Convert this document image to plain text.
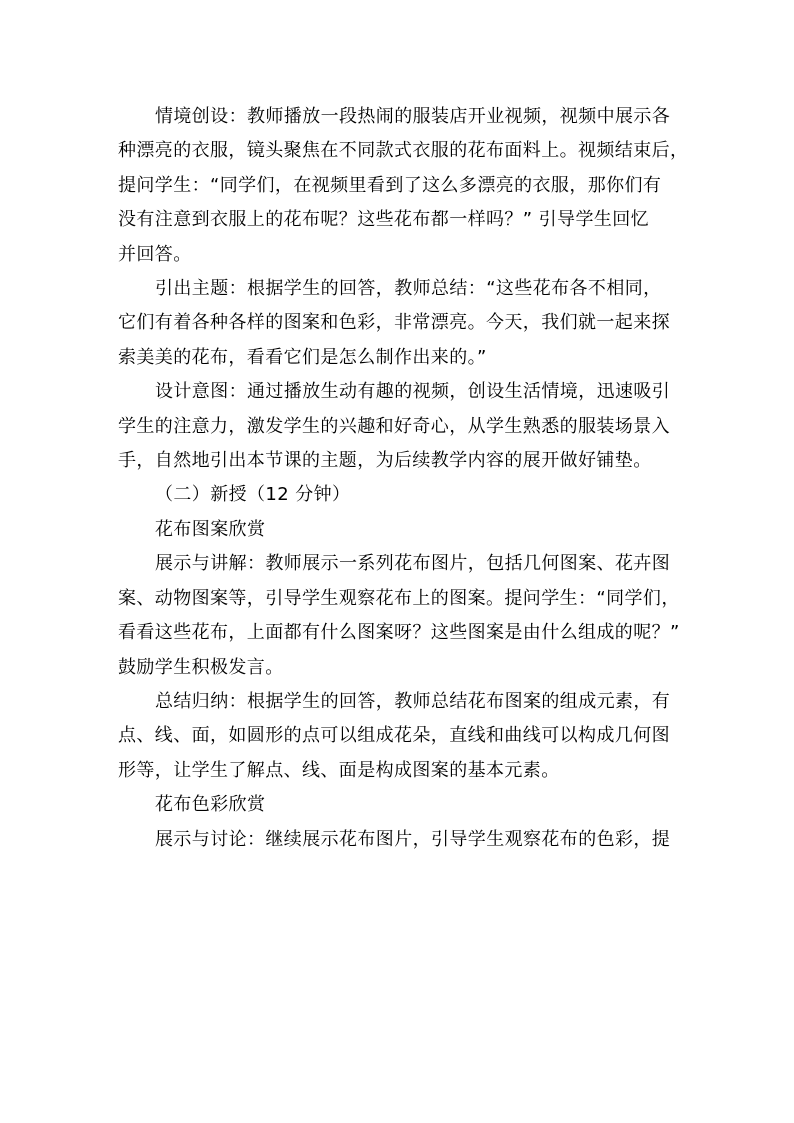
情境创设：教师播放一段热闹的服装店开业视频，视频中展示各
种漂亮的衣服，镜头聚焦在不同款式衣服的花布面料上。视频结束后，
提问学生：“同学们，在视频里看到了这么多漂亮的衣服，那你们有
没有注意到衣服上的花布呢？这些花布都一样吗？” 引导学生回忆
并回答。
引出主题：根据学生的回答，教师总结：“这些花布各不相同，
它们有着各种各样的图案和色彩，非常漂亮。今天，我们就一起来探
索美美的花布，看看它们是怎么制作出来的。”
设计意图：通过播放生动有趣的视频，创设生活情境，迅速吸引
学生的注意力，激发学生的兴趣和好奇心，从学生熟悉的服装场景入
手，自然地引出本节课的主题，为后续教学内容的展开做好铺垫。
（二）新授（12 分钟）
花布图案欣赏
展示与讲解：教师展示一系列花布图片，包括几何图案、花卉图
案、动物图案等，引导学生观察花布上的图案。提问学生：“同学们，
看看这些花布，上面都有什么图案呀？这些图案是由什么组成的呢？”
鼓励学生积极发言。
总结归纳：根据学生的回答，教师总结花布图案的组成元素，有
点、线、面，如圆形的点可以组成花朵，直线和曲线可以构成几何图
形等，让学生了解点、线、面是构成图案的基本元素。
花布色彩欣赏
展示与讨论：继续展示花布图片，引导学生观察花布的色彩，提
